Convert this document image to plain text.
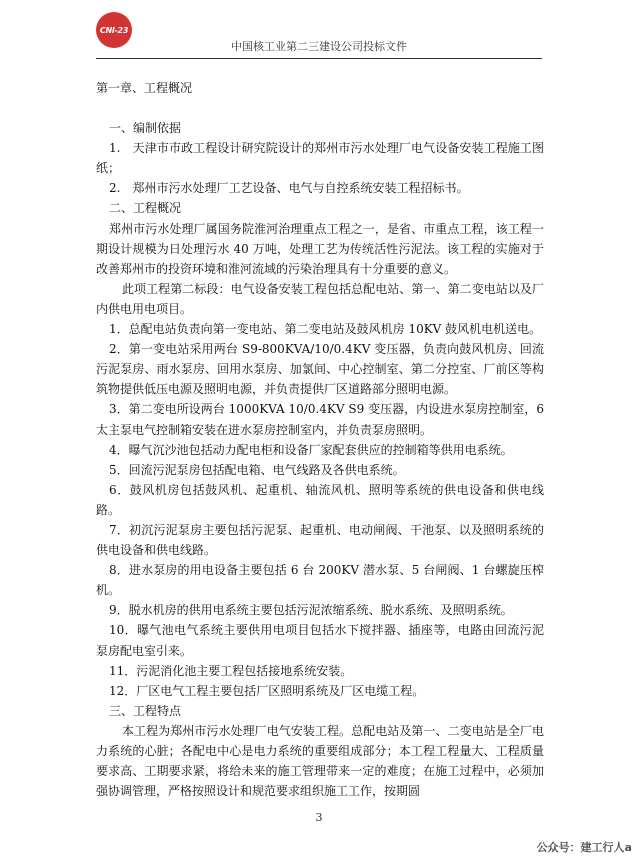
CNI-23
中国核工业第二三建设公司投标文件

第一章、工程概况

一、编制依据

1.　天津市市政工程设计研究院设计的郑州市污水处理厂电气设备安装工程施工图纸；

2.　郑州市污水处理厂工艺设备、电气与自控系统安装工程招标书。

二、工程概况

郑州市污水处理厂属国务院淮河治理重点工程之一，是省、市重点工程，该工程一期设计规模为日处理污水 40 万吨，处理工艺为传统活性污泥法。该工程的实施对于改善郑州市的投资环境和淮河流域的污染治理具有十分重要的意义。

此项工程第二标段：电气设备安装工程包括总配电站、第一、第二变电站以及厂内供电用电项目。

1．总配电站负责向第一变电站、第二变电站及鼓风机房 10KV 鼓风机电机送电。

2．第一变电站采用两台 S9-800KVA/10/0.4KV 变压器，负责向鼓风机房、回流污泥泵房、雨水泵房、回用水泵房、加氯间、中心控制室、第二分控室、厂前区等构筑物提供低压电源及照明电源，并负责提供厂区道路部分照明电源。

3．第二变电所设两台 1000KVA 10/0.4KV S9 变压器，内设进水泵房控制室，6 太主泵电气控制箱安装在进水泵房控制室内，并负责泵房照明。

4．曝气沉沙池包括动力配电柜和设备厂家配套供应的控制箱等供用电系统。

5．回流污泥泵房包括配电箱、电气线路及各供电系统。

6．鼓风机房包括鼓风机、起重机、轴流风机、照明等系统的供电设备和供电线路。

7．初沉污泥泵房主要包括污泥泵、起重机、电动闸阀、干池泵、以及照明系统的供电设备和供电线路。

8．进水泵房的用电设备主要包括 6 台 200KV 潜水泵、5 台闸阀、1 台螺旋压榨机。

9．脱水机房的供用电系统主要包括污泥浓缩系统、脱水系统、及照明系统。

10．曝气池电气系统主要供用电项目包括水下搅拌器、插座等，电路由回流污泥泵房配电室引来。

11．污泥消化池主要工程包括接地系统安装。

12．厂区电气工程主要包括厂区照明系统及厂区电缆工程。

三、工程特点

本工程为郑州市污水处理厂电气安装工程。总配电站及第一、二变电站是全厂电力系统的心脏；各配电中心是电力系统的重要组成部分；本工程工程量大、工程质量要求高、工期要求紧，将给未来的施工管理带来一定的难度；在施工过程中，必须加强协调管理，严格按照设计和规范要求组织施工工作，按期圆

3
公众号：建工行人a
